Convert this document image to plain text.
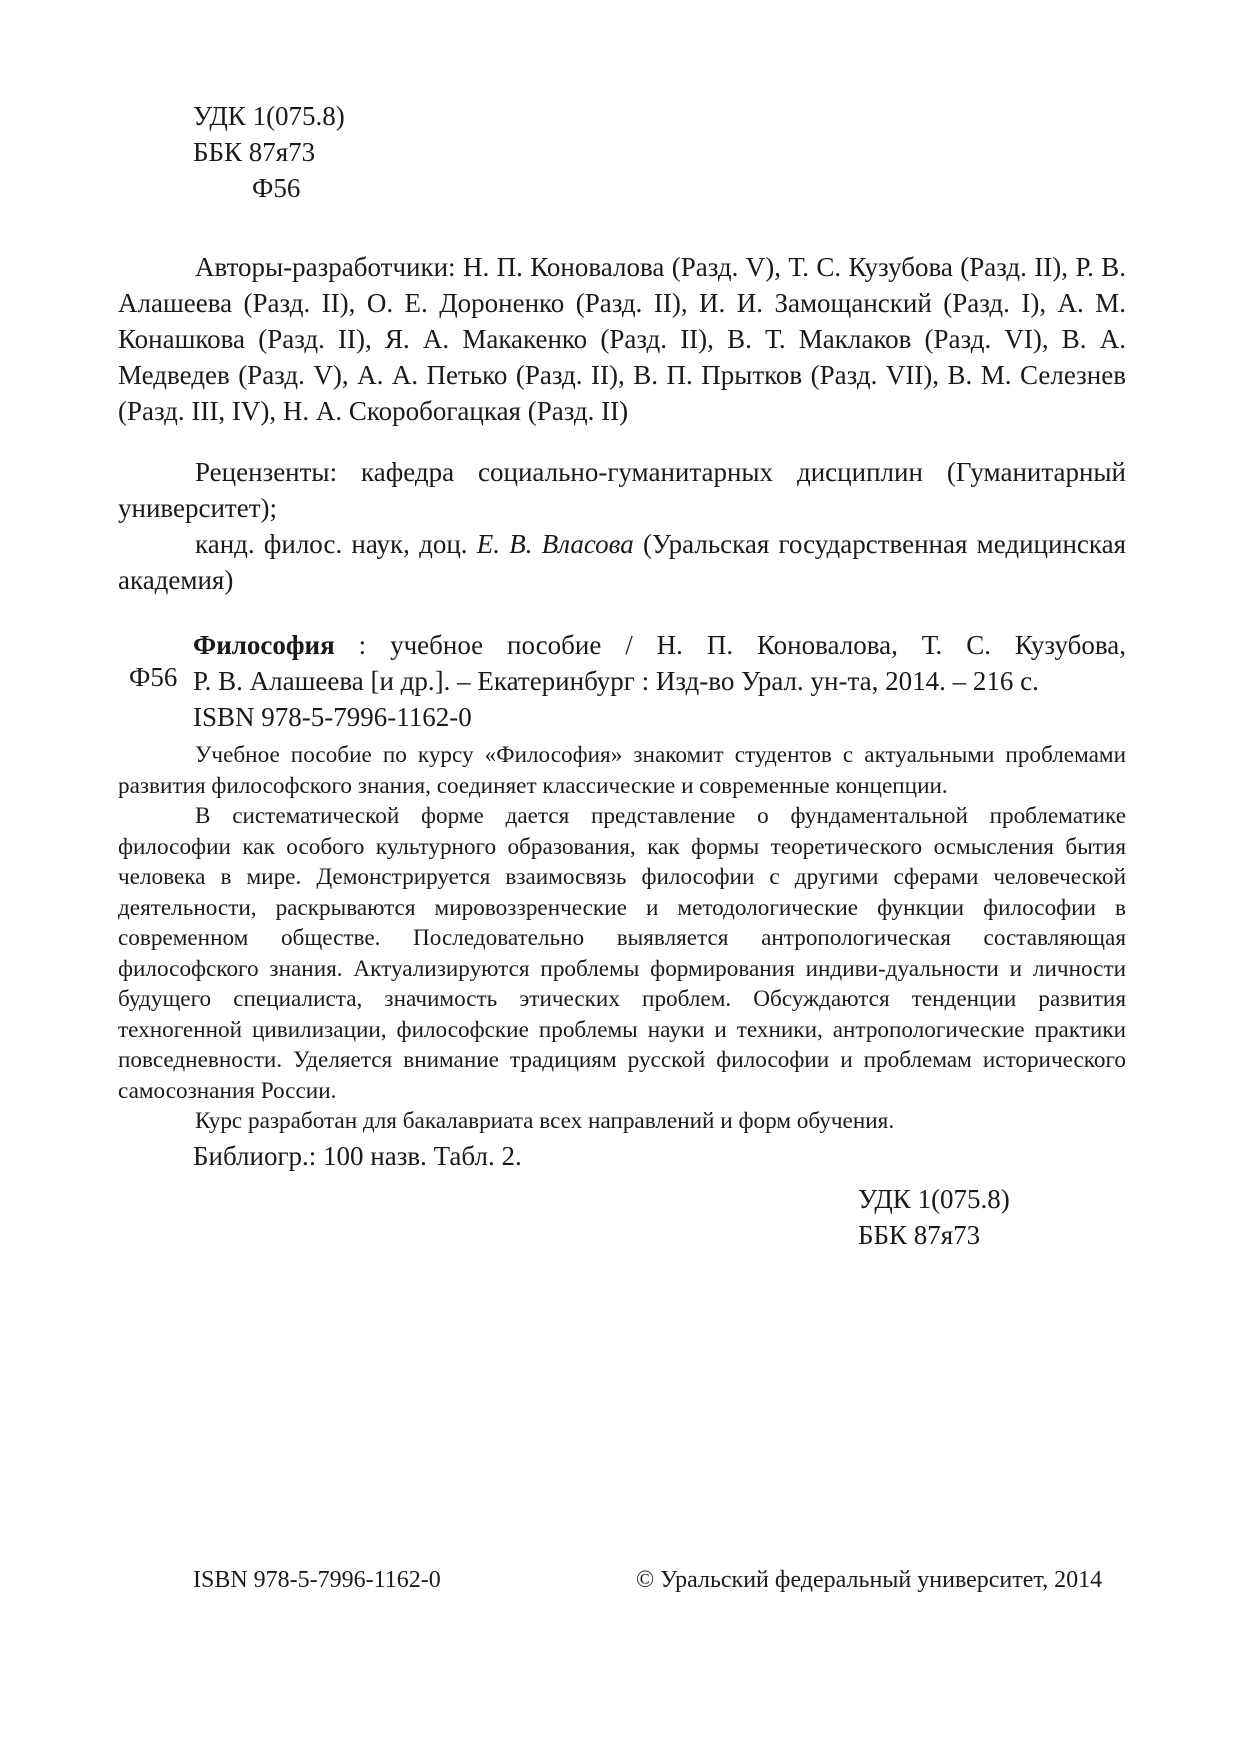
УДК 1(075.8)
ББК 87я73
Ф56
Авторы-разработчики: Н. П. Коновалова (Разд. V), Т. С. Кузубова (Разд. II), Р. В. Алашеева (Разд. II), О. Е. Дороненко (Разд. II), И. И. Замощанский (Разд. I), А. М. Конашкова (Разд. II), Я. А. Макакенко (Разд. II), В. Т. Маклаков (Разд. VI), В. А. Медведев (Разд. V), А. А. Петько (Разд. II), В. П. Прытков (Разд. VII), В. М. Селезнев (Разд. III, IV), Н. А. Скоробогацкая (Разд. II)
Рецензенты: кафедра социально-гуманитарных дисциплин (Гуманитарный университет);
канд. филос. наук, доц. Е. В. Власова (Уральская государственная медицинская академия)
Ф56
Философия : учебное пособие / Н. П. Коновалова, Т. С. Кузубова,
Р. В. Алашеева [и др.]. – Екатеринбург : Изд-во Урал. ун-та, 2014. – 216 с.
ISBN 978-5-7996-1162-0

Учебное пособие по курсу «Философия» знакомит студентов с актуальными проблемами развития философского знания, соединяет классические и современные концепции.

В систематической форме дается представление о фундаментальной проблематике философии как особого культурного образования, как формы теоретического осмысления бытия человека в мире. Демонстрируется взаимосвязь философии с другими сферами человеческой деятельности, раскрываются мировоззренческие и методологические функции философии в современном обществе. Последовательно выявляется антропологическая составляющая философского знания. Актуализируются проблемы формирования индиви-дуальности и личности будущего специалиста, значимость этических проблем. Обсуждаются тенденции развития техногенной цивилизации, философские проблемы науки и техники, антропологические практики повседневности. Уделяется внимание традициям русской философии и проблемам исторического самосознания России.

Курс разработан для бакалавриата всех направлений и форм обучения.

Библиогр.: 100 назв. Табл. 2.
УДК 1(075.8)
ББК 87я73
ISBN 978-5-7996-1162-0	© Уральский федеральный университет, 2014
